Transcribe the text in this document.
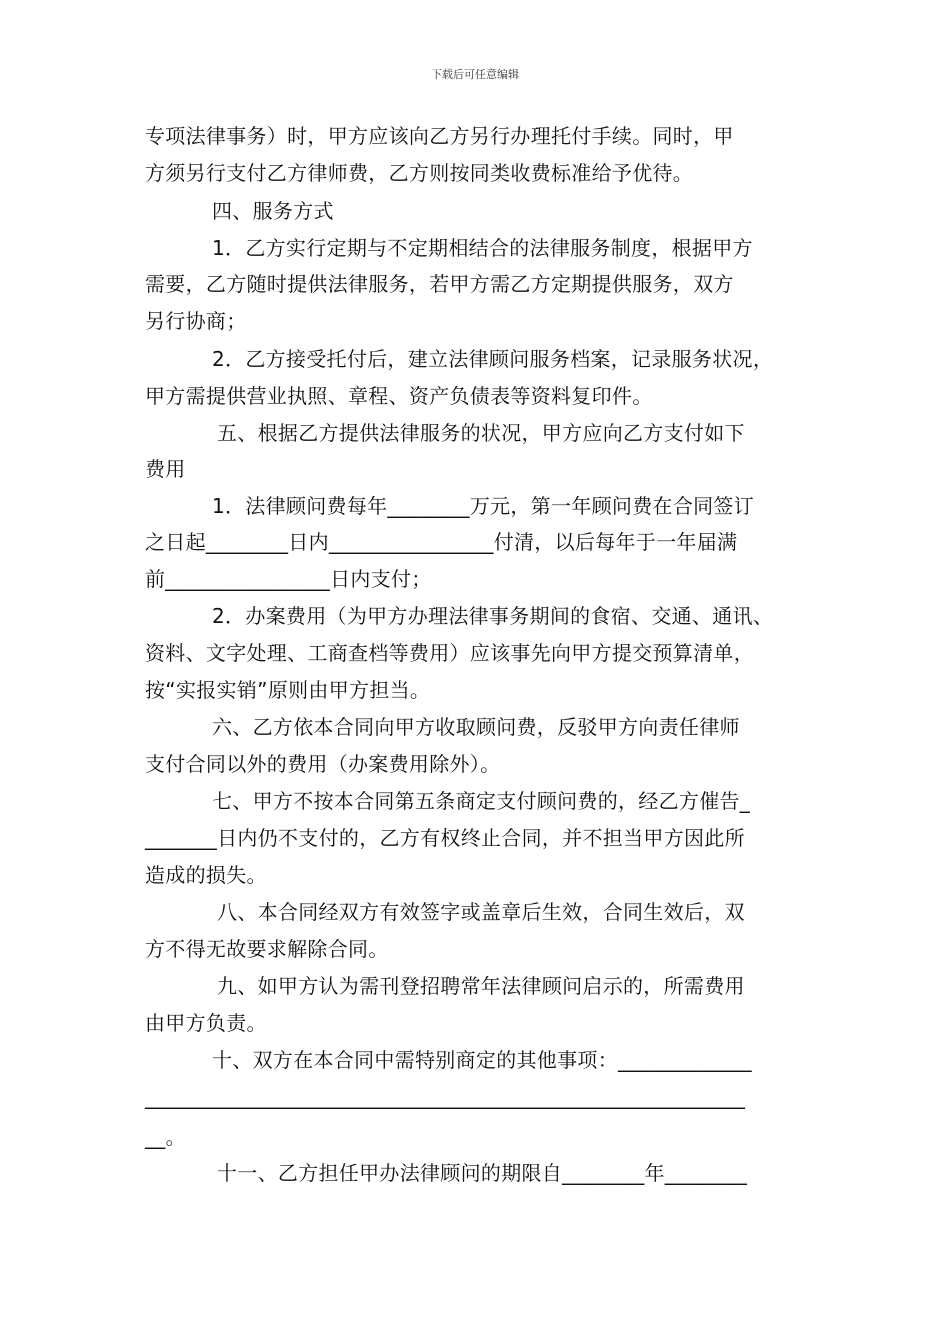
下载后可任意编辑
专项法律事务）时，甲方应该向乙方另行办理托付手续。同时，甲
方须另行支付乙方律师费，乙方则按同类收费标准给予优待。
四、服务方式
1．乙方实行定期与不定期相结合的法律服务制度，根据甲方
需要，乙方随时提供法律服务，若甲方需乙方定期提供服务，双方
另行协商；
2．乙方接受托付后，建立法律顾问服务档案，记录服务状况，
甲方需提供营业执照、章程、资产负债表等资料复印件。
五、根据乙方提供法律服务的状况，甲方应向乙方支付如下
费用
1．法律顾问费每年________万元，第一年顾问费在合同签订
之日起________日内________________付清，以后每年于一年届满
前________________日内支付；
2．办案费用（为甲方办理法律事务期间的食宿、交通、通讯、
资料、文字处理、工商查档等费用）应该事先向甲方提交预算清单，
按“实报实销”原则由甲方担当。
六、乙方依本合同向甲方收取顾问费，反驳甲方向责任律师
支付合同以外的费用（办案费用除外）。
七、甲方不按本合同第五条商定支付顾问费的，经乙方催告_
_______日内仍不支付的，乙方有权终止合同，并不担当甲方因此所
造成的损失。
八、本合同经双方有效签字或盖章后生效，合同生效后，双
方不得无故要求解除合同。
九、如甲方认为需刊登招聘常年法律顾问启示的，所需费用
由甲方负责。
十、双方在本合同中需特别商定的其他事项：_____________
____________________________________________________________
__。
十一、乙方担任甲办法律顾问的期限自________年________
